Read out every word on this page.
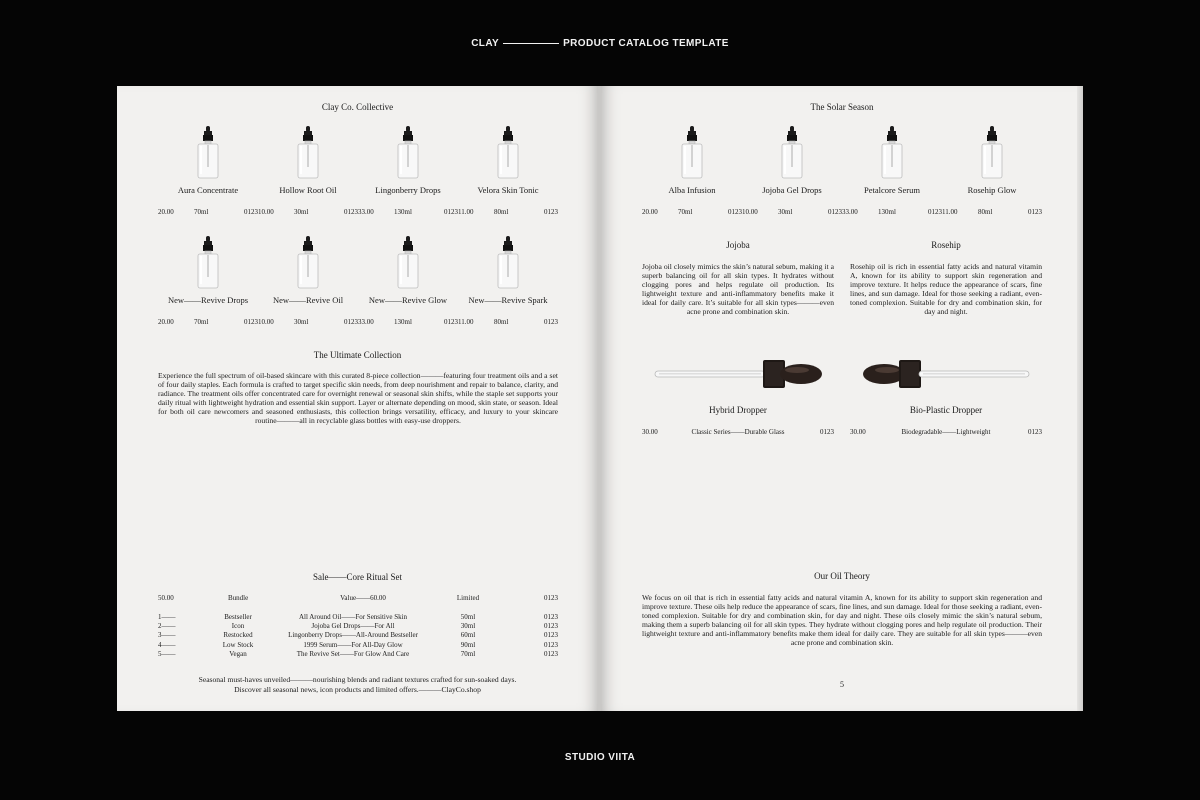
CLAY	PRODUCT CATALOG TEMPLATE
STUDIO VIITA
Clay Co. Collective
Aura Concentrate
20.00	70ml	0123
Hollow Root Oil
10.00	30ml	0123
Lingonberry Drops
33.00	130ml	0123
Velora Skin Tonic
11.00	80ml	0123
New——Revive Drops
20.00	70ml	0123
New——Revive Oil
10.00	30ml	0123
New——Revive Glow
33.00	130ml	0123
New——Revive Spark
11.00	80ml	0123
The Ultimate Collection
Experience the full spectrum of oil-based skincare with this curated 8-piece collection———featuring four treatment oils and a set of four daily staples. Each formula is crafted to target specific skin needs, from deep nourishment and repair to balance, clarity, and radiance. The treatment oils offer concentrated care for overnight renewal or seasonal skin shifts, while the staple set supports your daily ritual with lightweight hydration and essential skin support. Layer or alternate depending on mood, skin state, or season. Ideal for both oil care newcomers and seasoned enthusiasts, this collection brings versatility, efficacy, and luxury to your skincare routine———all in recyclable glass bottles with easy-use droppers.
Sale——Core Ritual Set
50.00	Bundle	Value——60.00	Limited	0123
1——	Bestseller	All Around Oil——For Sensitive Skin	50ml	0123
2——	Icon	Jojoba Gel Drops——For All	30ml	0123
3——	Restocked	Lingonberry Drops——All-Around Bestseller	60ml	0123
4——	Low Stock	1999 Serum——For All-Day Glow	90ml	0123
5——	Vegan	The Revive Set——For Glow And Care	70ml	0123
Seasonal must-haves unveiled———nourishing blends and radiant textures crafted for sun-soaked days.
Discover all seasonal news, icon products and limited offers.———ClayCo.shop
The Solar Season
Alba Infusion
20.00	70ml	0123
Jojoba Gel Drops
10.00	30ml	0123
Petalcore Serum
33.00	130ml	0123
Rosehip Glow
11.00	80ml	0123
Jojoba
Jojoba oil closely mimics the skin’s natural sebum, making it a superb balancing oil for all skin types. It hydrates without clogging pores and helps regulate oil production. Its lightweight texture and anti-inflammatory benefits make it ideal for daily care. It’s suitable for all skin types———even acne prone and combination skin.
Rosehip
Rosehip oil is rich in essential fatty acids and natural vitamin A, known for its ability to support skin regeneration and improve texture. It helps reduce the appearance of scars, fine lines, and sun damage. Ideal for those seeking a radiant, even-toned complexion. Suitable for dry and combination skin, for day and night.
Hybrid Dropper
30.00	Classic Series——Durable Glass	0123
Bio-Plastic Dropper
30.00	Biodegradable——Lightweight	0123
Our Oil Theory
We focus on oil that is rich in essential fatty acids and natural vitamin A, known for its ability to support skin regeneration and improve texture. These oils help reduce the appearance of scars, fine lines, and sun damage. Ideal for those seeking a radiant, even-toned complexion. Suitable for dry and combination skin, for day and night. These oils closely mimic the skin’s natural sebum, making them a superb balancing oil for all skin types. They hydrate without clogging pores and help regulate oil production. Their lightweight texture and anti-inflammatory benefits make them ideal for daily care. They are suitable for all skin types———even acne prone and combination skin.
5
